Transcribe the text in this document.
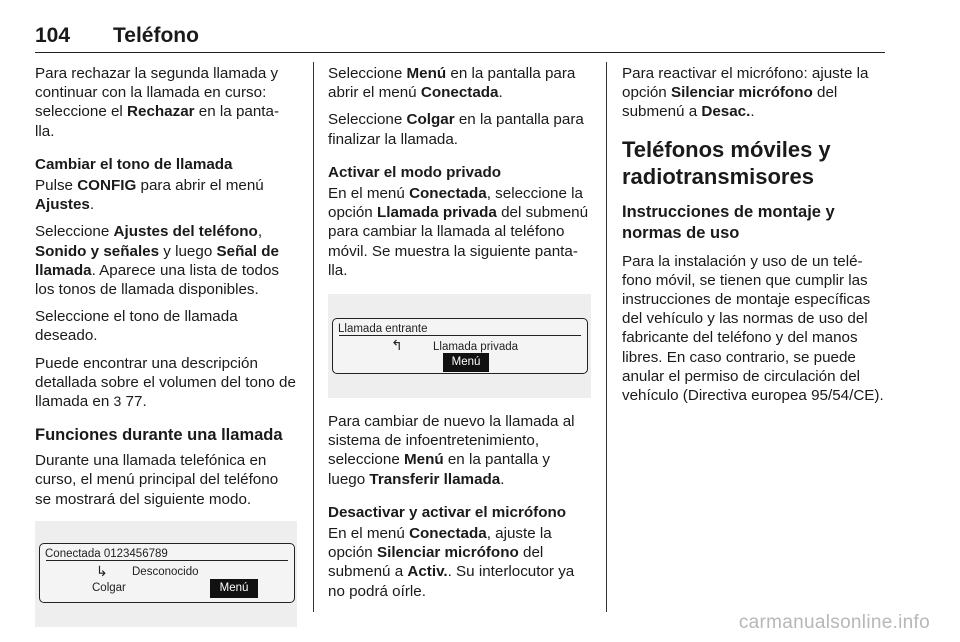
104 Teléfono

Para rechazar la segunda llamada y continuar con la llamada en curso: seleccione el Rechazar en la panta- lla.

Cambiar el tono de llamada

Pulse CONFIG para abrir el menú Ajustes.

Seleccione Ajustes del teléfono, Sonido y señales y luego Señal de llamada. Aparece una lista de todos los tonos de llamada disponibles.

Seleccione el tono de llamada deseado.

Puede encontrar una descripción detallada sobre el volumen del tono de llamada en 3 77.

Funciones durante una llamada

Durante una llamada telefónica en curso, el menú principal del teléfono se mostrará del siguiente modo.

Conectada 0123456789
↳ Desconocido
Colgar	Menú

Seleccione Menú en la pantalla para abrir el menú Conectada.

Seleccione Colgar en la pantalla para finalizar la llamada.

Activar el modo privado

En el menú Conectada, seleccione la opción Llamada privada del submenú para cambiar la llamada al teléfono móvil. Se muestra la siguiente panta- lla.

Llamada entrante
↰	Llamada privada
Menú

Para cambiar de nuevo la llamada al sistema de infoentretenimiento, seleccione Menú en la pantalla y luego Transferir llamada.

Desactivar y activar el micrófono

En el menú Conectada, ajuste la opción Silenciar micrófono del submenú a Activ.. Su interlocutor ya no podrá oírle.

Para reactivar el micrófono: ajuste la opción Silenciar micrófono del submenú a Desac..

Teléfonos móviles y radiotransmisores
Instrucciones de montaje y normas de uso

Para la instalación y uso de un telé- fono móvil, se tienen que cumplir las instrucciones de montaje específicas del vehículo y las normas de uso del fabricante del teléfono y del manos libres. En caso contrario, se puede anular el permiso de circulación del vehículo (Directiva europea 95/54/CE).

carmanualsonline.info
